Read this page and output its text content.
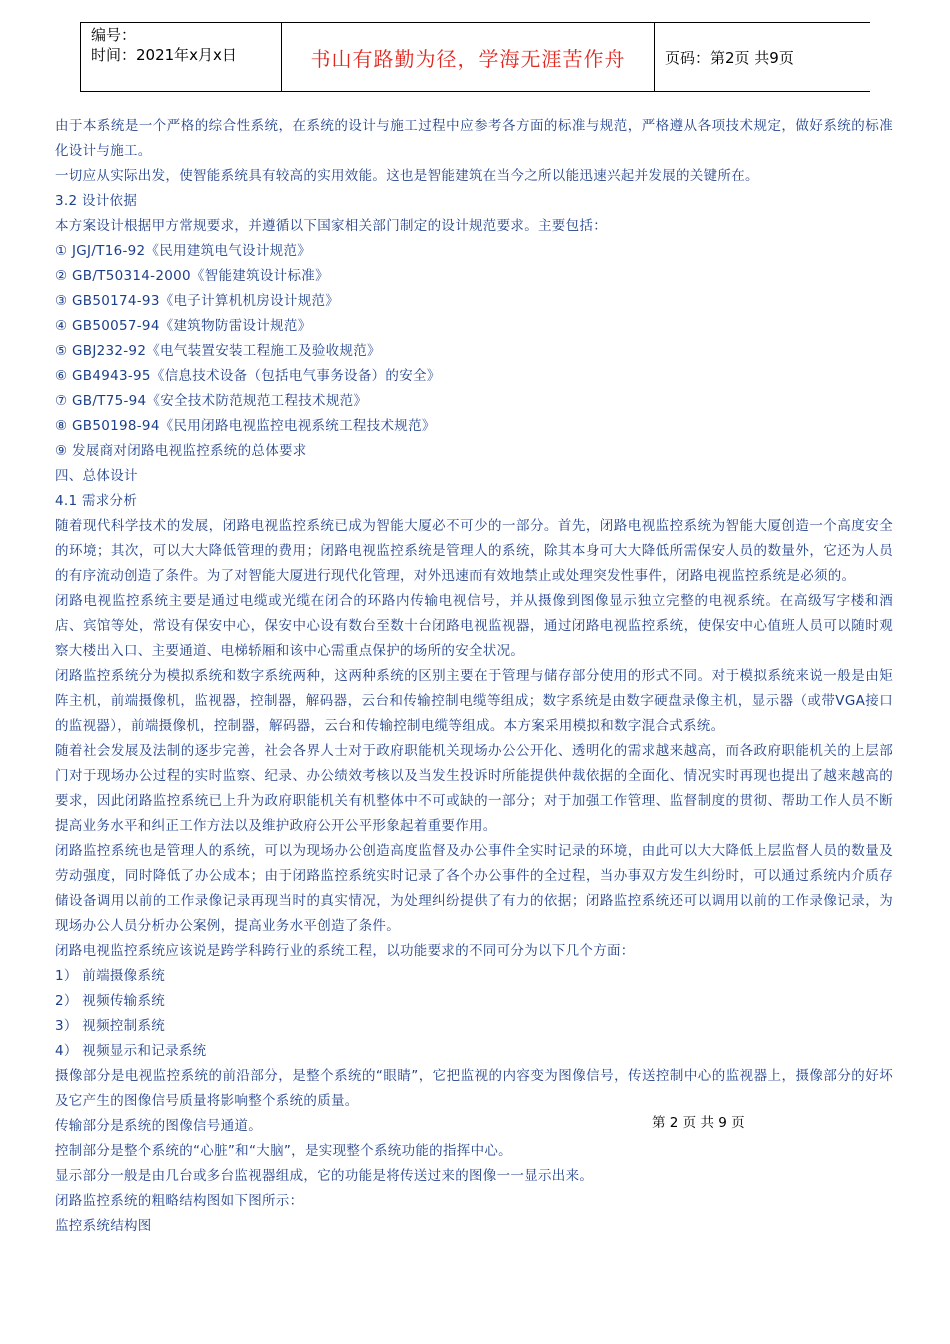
编号：
时间：2021年x月x日	书山有路勤为径，学海无涯苦作舟	页码：第2页 共9页

由于本系统是一个严格的综合性系统，在系统的设计与施工过程中应参考各方面的标准与规范，严格遵从各项技术规定，做好系统的标准化设计与施工。

一切应从实际出发，使智能系统具有较高的实用效能。这也是智能建筑在当今之所以能迅速兴起并发展的关键所在。

3.2 设计依据

本方案设计根据甲方常规要求，并遵循以下国家相关部门制定的设计规范要求。主要包括：

① JGJ/T16-92《民用建筑电气设计规范》

② GB/T50314-2000《智能建筑设计标准》

③ GB50174-93《电子计算机机房设计规范》

④ GB50057-94《建筑物防雷设计规范》

⑤ GBJ232-92《电气装置安装工程施工及验收规范》

⑥ GB4943-95《信息技术设备（包括电气事务设备）的安全》

⑦ GB/T75-94《安全技术防范规范工程技术规范》

⑧ GB50198-94《民用闭路电视监控电视系统工程技术规范》

⑨ 发展商对闭路电视监控系统的总体要求

四、总体设计

4.1 需求分析

随着现代科学技术的发展，闭路电视监控系统已成为智能大厦必不可少的一部分。首先，闭路电视监控系统为智能大厦创造一个高度安全的环境；其次，可以大大降低管理的费用；闭路电视监控系统是管理人的系统，除其本身可大大降低所需保安人员的数量外，它还为人员的有序流动创造了条件。为了对智能大厦进行现代化管理，对外迅速而有效地禁止或处理突发性事件，闭路电视监控系统是必须的。

闭路电视监控系统主要是通过电缆或光缆在闭合的环路内传输电视信号，并从摄像到图像显示独立完整的电视系统。在高级写字楼和酒店、宾馆等处，常设有保安中心，保安中心设有数台至数十台闭路电视监视器，通过闭路电视监控系统，使保安中心值班人员可以随时观察大楼出入口、主要通道、电梯轿厢和该中心需重点保护的场所的安全状况。

闭路监控系统分为模拟系统和数字系统两种，这两种系统的区别主要在于管理与储存部分使用的形式不同。对于模拟系统来说一般是由矩阵主机，前端摄像机，监视器，控制器，解码器，云台和传输控制电缆等组成；数字系统是由数字硬盘录像主机，显示器（或带VGA接口的监视器），前端摄像机，控制器，解码器，云台和传输控制电缆等组成。本方案采用模拟和数字混合式系统。

随着社会发展及法制的逐步完善，社会各界人士对于政府职能机关现场办公公开化、透明化的需求越来越高，而各政府职能机关的上层部门对于现场办公过程的实时监察、纪录、办公绩效考核以及当发生投诉时所能提供仲裁依据的全面化、情况实时再现也提出了越来越高的要求，因此闭路监控系统已上升为政府职能机关有机整体中不可或缺的一部分；对于加强工作管理、监督制度的贯彻、帮助工作人员不断提高业务水平和纠正工作方法以及维护政府公开公平形象起着重要作用。

闭路监控系统也是管理人的系统，可以为现场办公创造高度监督及办公事件全实时记录的环境，由此可以大大降低上层监督人员的数量及劳动强度，同时降低了办公成本；由于闭路监控系统实时记录了各个办公事件的全过程，当办事双方发生纠纷时，可以通过系统内介质存储设备调用以前的工作录像记录再现当时的真实情况，为处理纠纷提供了有力的依据；闭路监控系统还可以调用以前的工作录像记录，为现场办公人员分析办公案例，提高业务水平创造了条件。

闭路电视监控系统应该说是跨学科跨行业的系统工程，以功能要求的不同可分为以下几个方面：

1） 前端摄像系统

2） 视频传输系统

3） 视频控制系统

4） 视频显示和记录系统

摄像部分是电视监控系统的前沿部分，是整个系统的“眼睛”，它把监视的内容变为图像信号，传送控制中心的监视器上，摄像部分的好坏及它产生的图像信号质量将影响整个系统的质量。

传输部分是系统的图像信号通道。

控制部分是整个系统的“心脏”和“大脑”，是实现整个系统功能的指挥中心。

显示部分一般是由几台或多台监视器组成，它的功能是将传送过来的图像一一显示出来。

闭路监控系统的粗略结构图如下图所示：

监控系统结构图

第 2 页 共 9 页
